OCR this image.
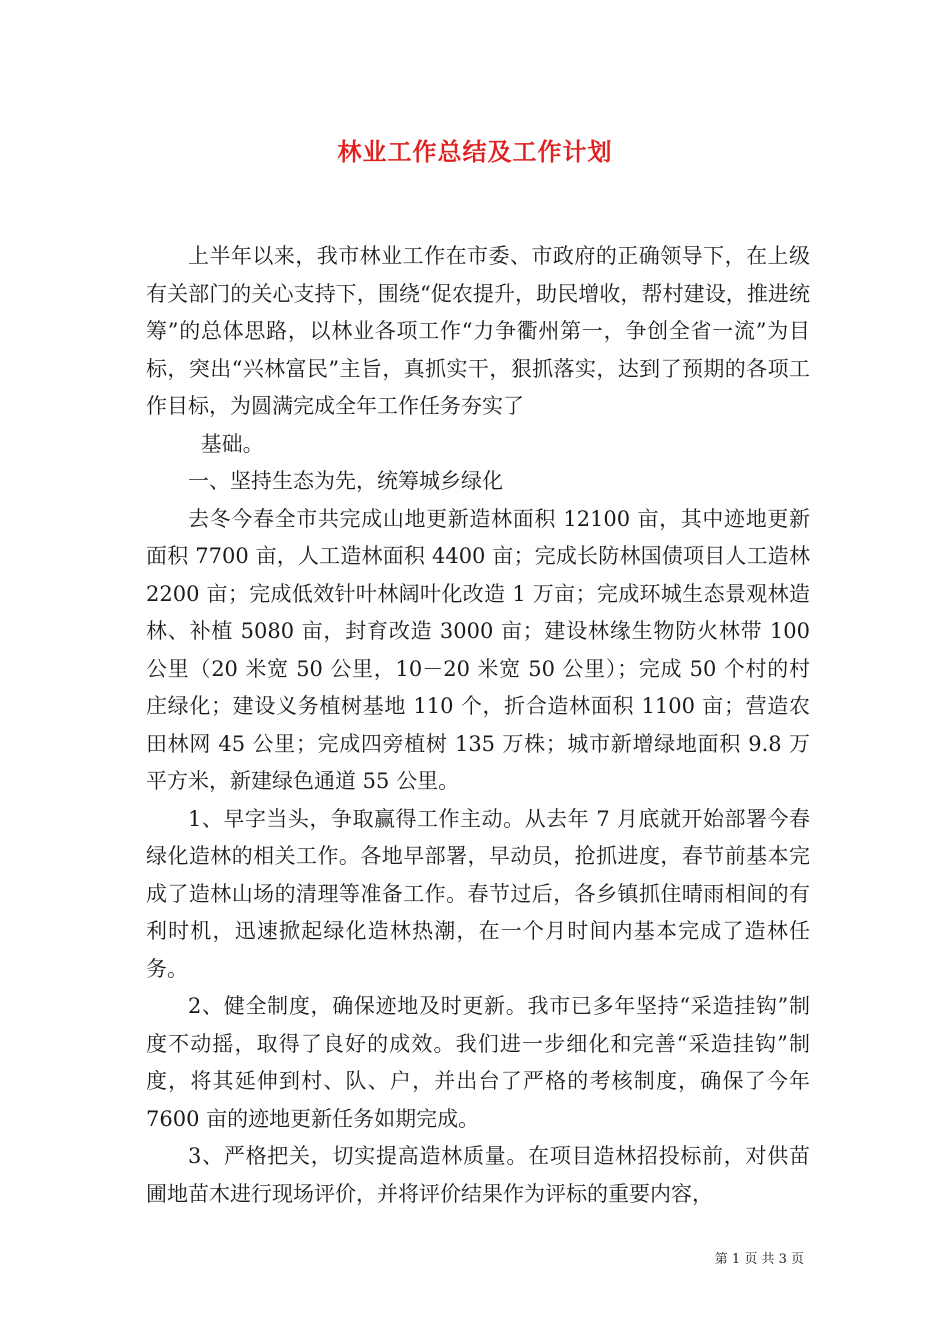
林业工作总结及工作计划

上半年以来，我市林业工作在市委、市政府的正确领导下，在上级有关部门的关心支持下，围绕“促农提升，助民增收，帮村建设，推进统筹”的总体思路，以林业各项工作“力争衢州第一，争创全省一流”为目标，突出“兴林富民”主旨，真抓实干，狠抓落实，达到了预期的各项工作目标，为圆满完成全年工作任务夯实了

基础。

一、坚持生态为先，统筹城乡绿化

去冬今春全市共完成山地更新造林面积 12100 亩，其中迹地更新面积 7700 亩，人工造林面积 4400 亩；完成长防林国债项目人工造林 2200 亩；完成低效针叶林阔叶化改造 1 万亩；完成环城生态景观林造林、补植 5080 亩，封育改造 3000 亩；建设林缘生物防火林带 100 公里（20 米宽 50 公里，10－20 米宽 50 公里）；完成 50 个村的村庄绿化；建设义务植树基地 110 个，折合造林面积 1100 亩；营造农田林网 45 公里；完成四旁植树 135 万株；城市新增绿地面积 9.8 万平方米，新建绿色通道 55 公里。

1、早字当头，争取赢得工作主动。从去年 7 月底就开始部署今春绿化造林的相关工作。各地早部署，早动员，抢抓进度，春节前基本完成了造林山场的清理等准备工作。春节过后，各乡镇抓住晴雨相间的有利时机，迅速掀起绿化造林热潮，在一个月时间内基本完成了造林任务。

2、健全制度，确保迹地及时更新。我市已多年坚持“采造挂钩”制度不动摇，取得了良好的成效。我们进一步细化和完善“采造挂钩”制度，将其延伸到村、队、户，并出台了严格的考核制度，确保了今年 7600 亩的迹地更新任务如期完成。

3、严格把关，切实提高造林质量。在项目造林招投标前，对供苗圃地苗木进行现场评价，并将评价结果作为评标的重要内容，

第 1 页 共 3 页
